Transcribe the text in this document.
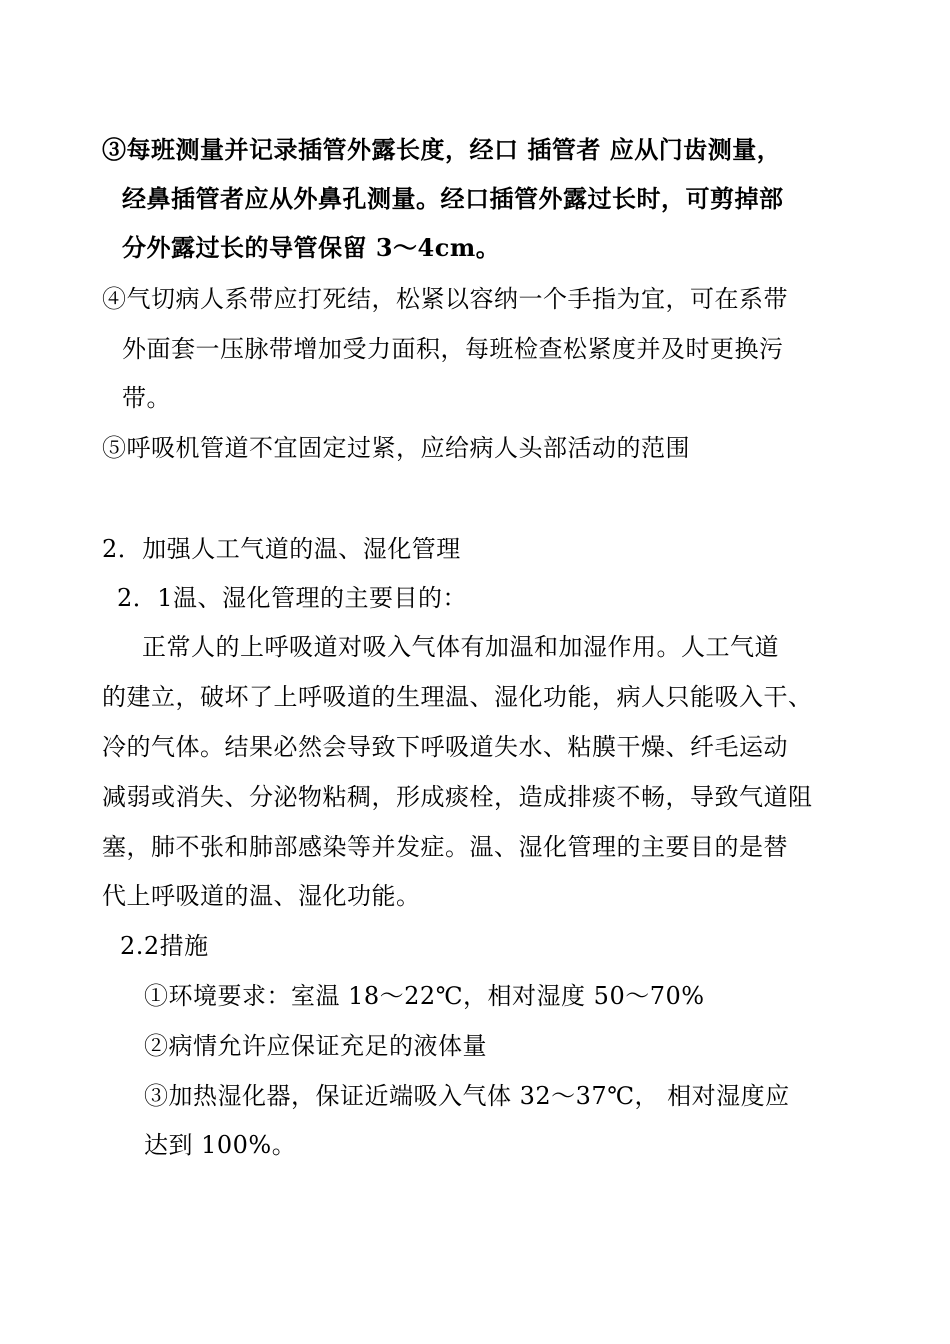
③每班测量并记录插管外露长度，经口 插管者 应从门齿测量，
经鼻插管者应从外鼻孔测量。经口插管外露过长时，可剪掉部
分外露过长的导管保留 3～4cm。
④气切病人系带应打死结，松紧以容纳一个手指为宜，可在系带
外面套一压脉带增加受力面积，每班检查松紧度并及时更换污
带。
⑤呼吸机管道不宜固定过紧，应给病人头部活动的范围
2．加强人工气道的温、湿化管理
2．1温、湿化管理的主要目的：
正常人的上呼吸道对吸入气体有加温和加湿作用。人工气道
的建立，破坏了上呼吸道的生理温、湿化功能，病人只能吸入干、
冷的气体。结果必然会导致下呼吸道失水、粘膜干燥、纤毛运动
减弱或消失、分泌物粘稠，形成痰栓，造成排痰不畅，导致气道阻
塞，肺不张和肺部感染等并发症。温、湿化管理的主要目的是替
代上呼吸道的温、湿化功能。
2.2措施
①环境要求：室温 18～22℃，相对湿度 50～70%
②病情允许应保证充足的液体量
③加热湿化器，保证近端吸入气体 32～37℃， 相对湿度应
达到 100%。
